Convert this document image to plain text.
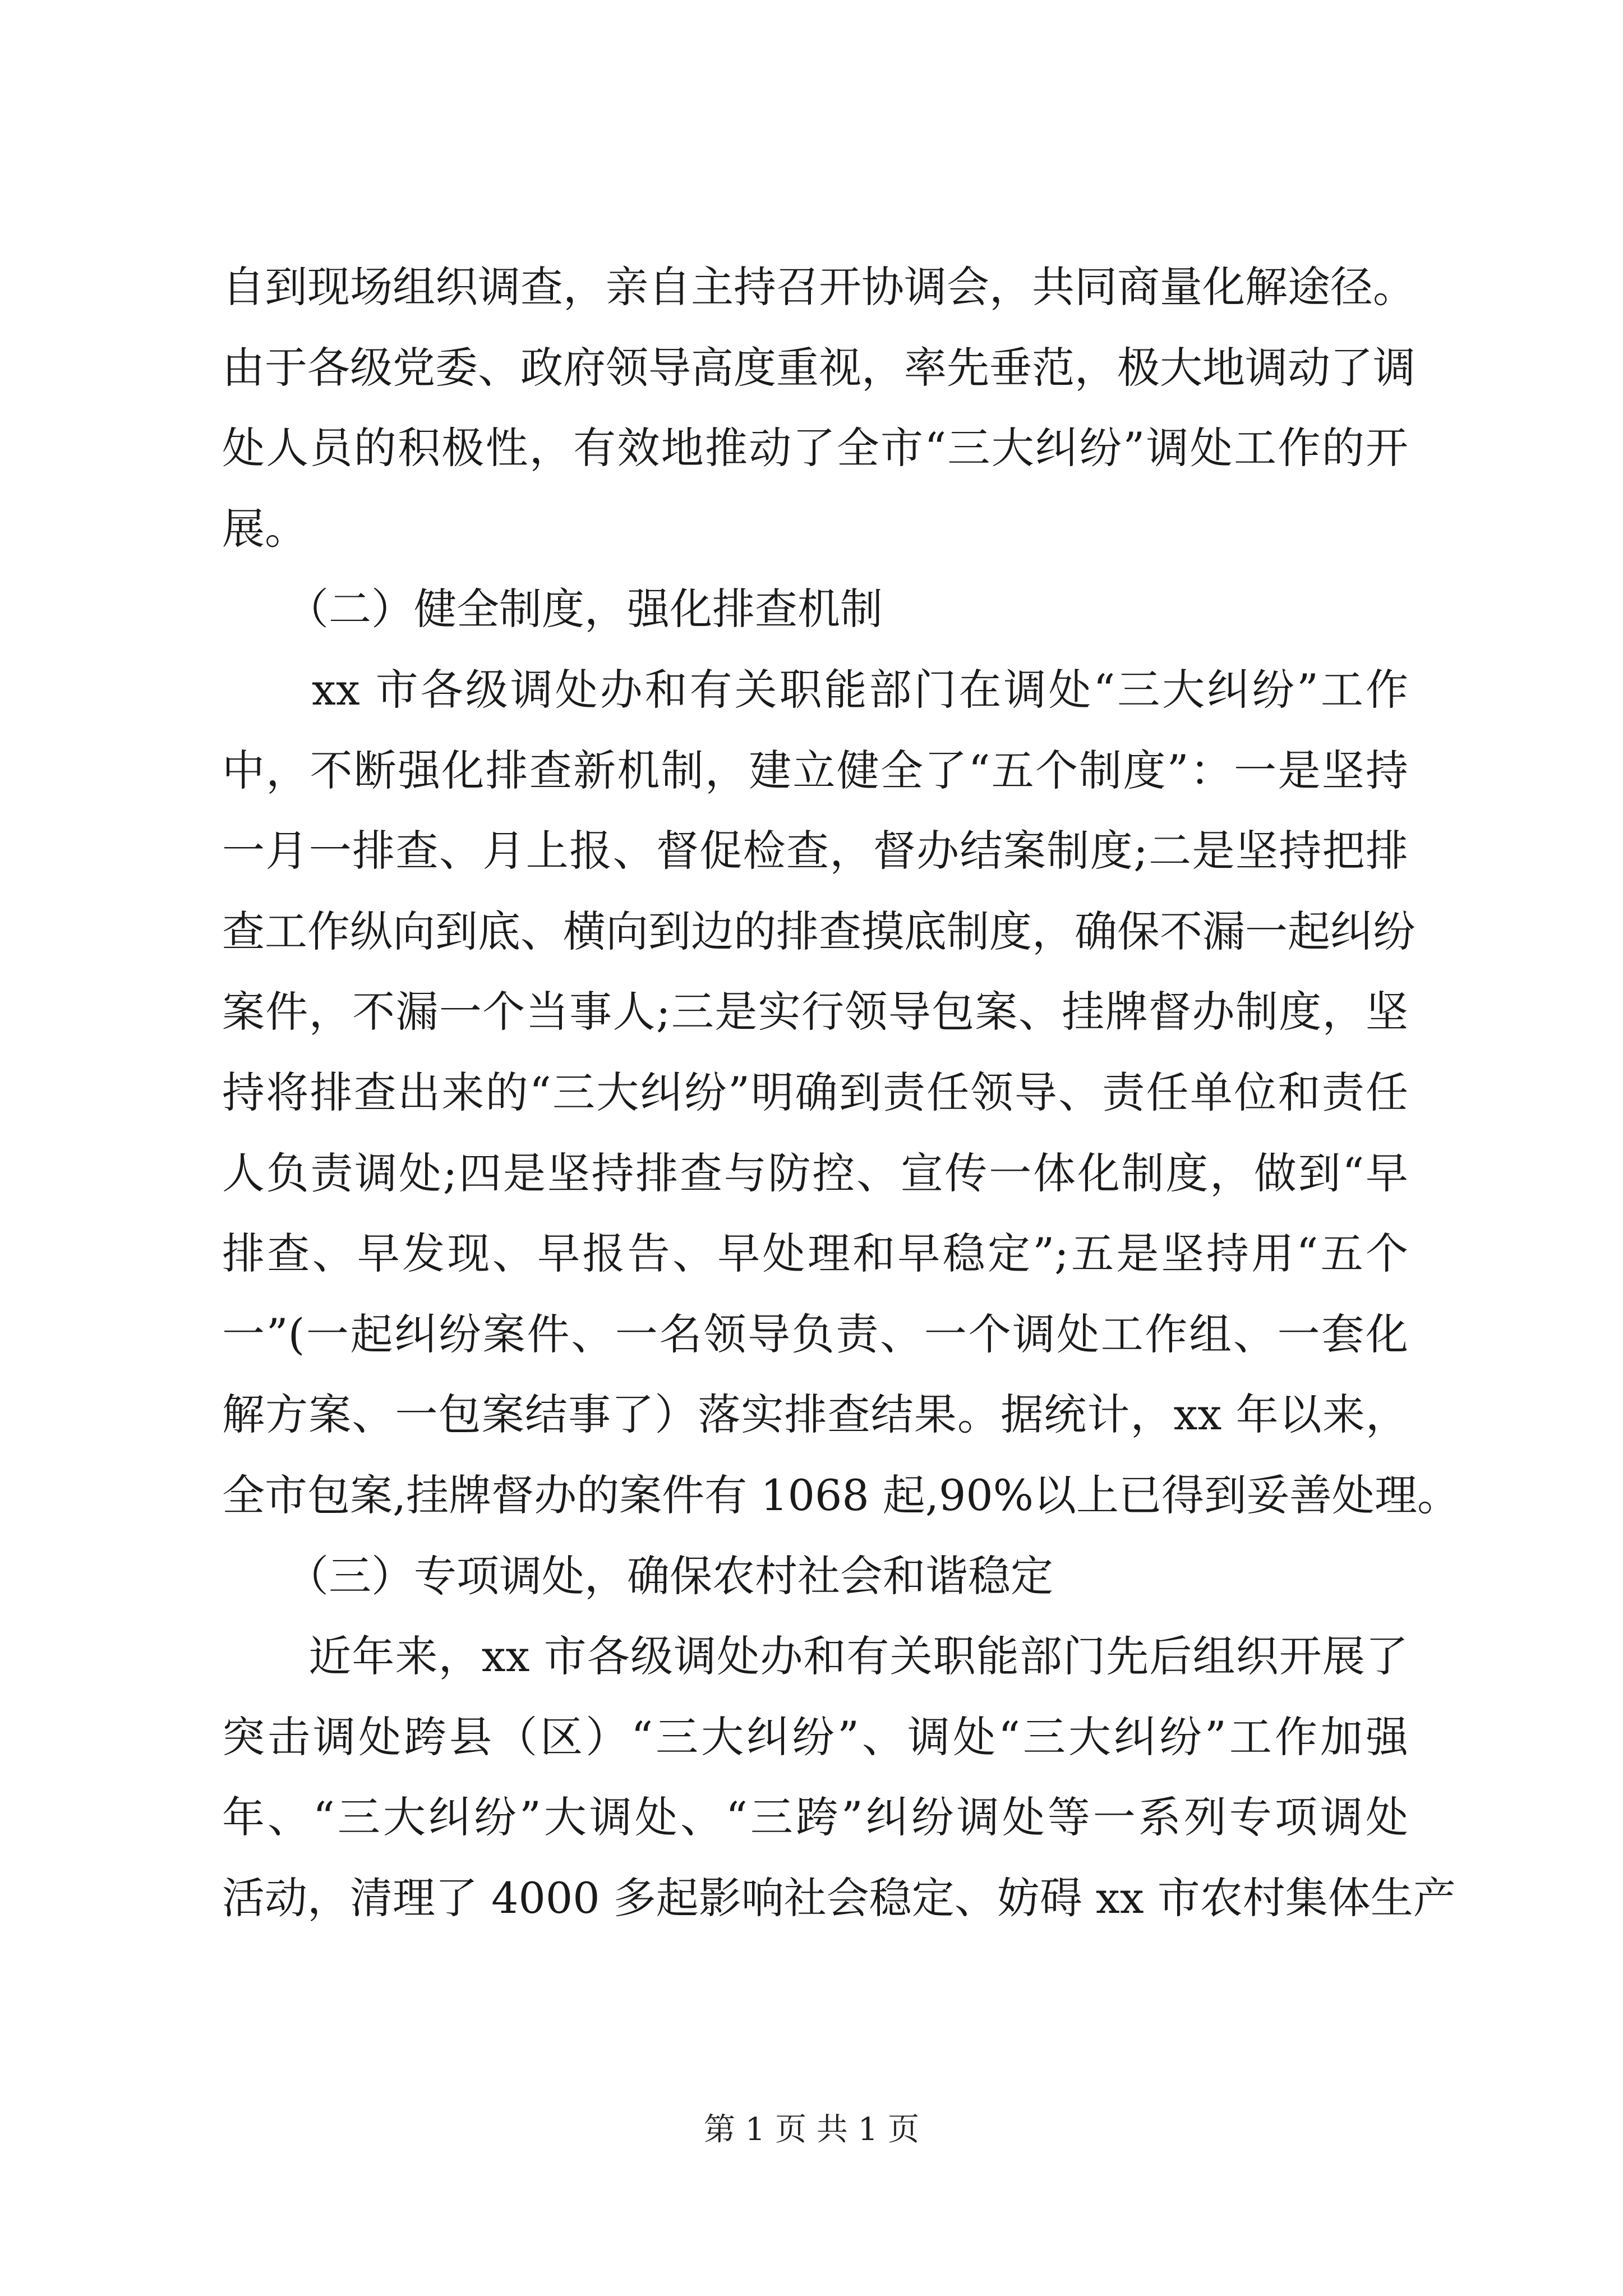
自到现场组织调查，亲自主持召开协调会，共同商量化解途径。
由于各级党委、政府领导高度重视，率先垂范，极大地调动了调
处人员的积极性，有效地推动了全市“三大纠纷”调处工作的开
展。
　　（二）健全制度，强化排查机制
　　xx 市各级调处办和有关职能部门在调处“三大纠纷”工作
中，不断强化排查新机制，建立健全了“五个制度”：一是坚持
一月一排查、月上报、督促检查，督办结案制度;二是坚持把排
查工作纵向到底、横向到边的排查摸底制度，确保不漏一起纠纷
案件，不漏一个当事人;三是实行领导包案、挂牌督办制度，坚
持将排查出来的“三大纠纷”明确到责任领导、责任单位和责任
人负责调处;四是坚持排查与防控、宣传一体化制度，做到“早
排查、早发现、早报告、早处理和早稳定”;五是坚持用“五个
一”(一起纠纷案件、一名领导负责、一个调处工作组、一套化
解方案、一包案结事了）落实排查结果。据统计，xx 年以来，
全市包案,挂牌督办的案件有 1068 起,90%以上已得到妥善处理。
　　（三）专项调处，确保农村社会和谐稳定
　　近年来，xx 市各级调处办和有关职能部门先后组织开展了
突击调处跨县（区）“三大纠纷”、调处“三大纠纷”工作加强
年、“三大纠纷”大调处、“三跨”纠纷调处等一系列专项调处
活动，清理了 4000 多起影响社会稳定、妨碍 xx 市农村集体生产
第 1 页 共 1 页
